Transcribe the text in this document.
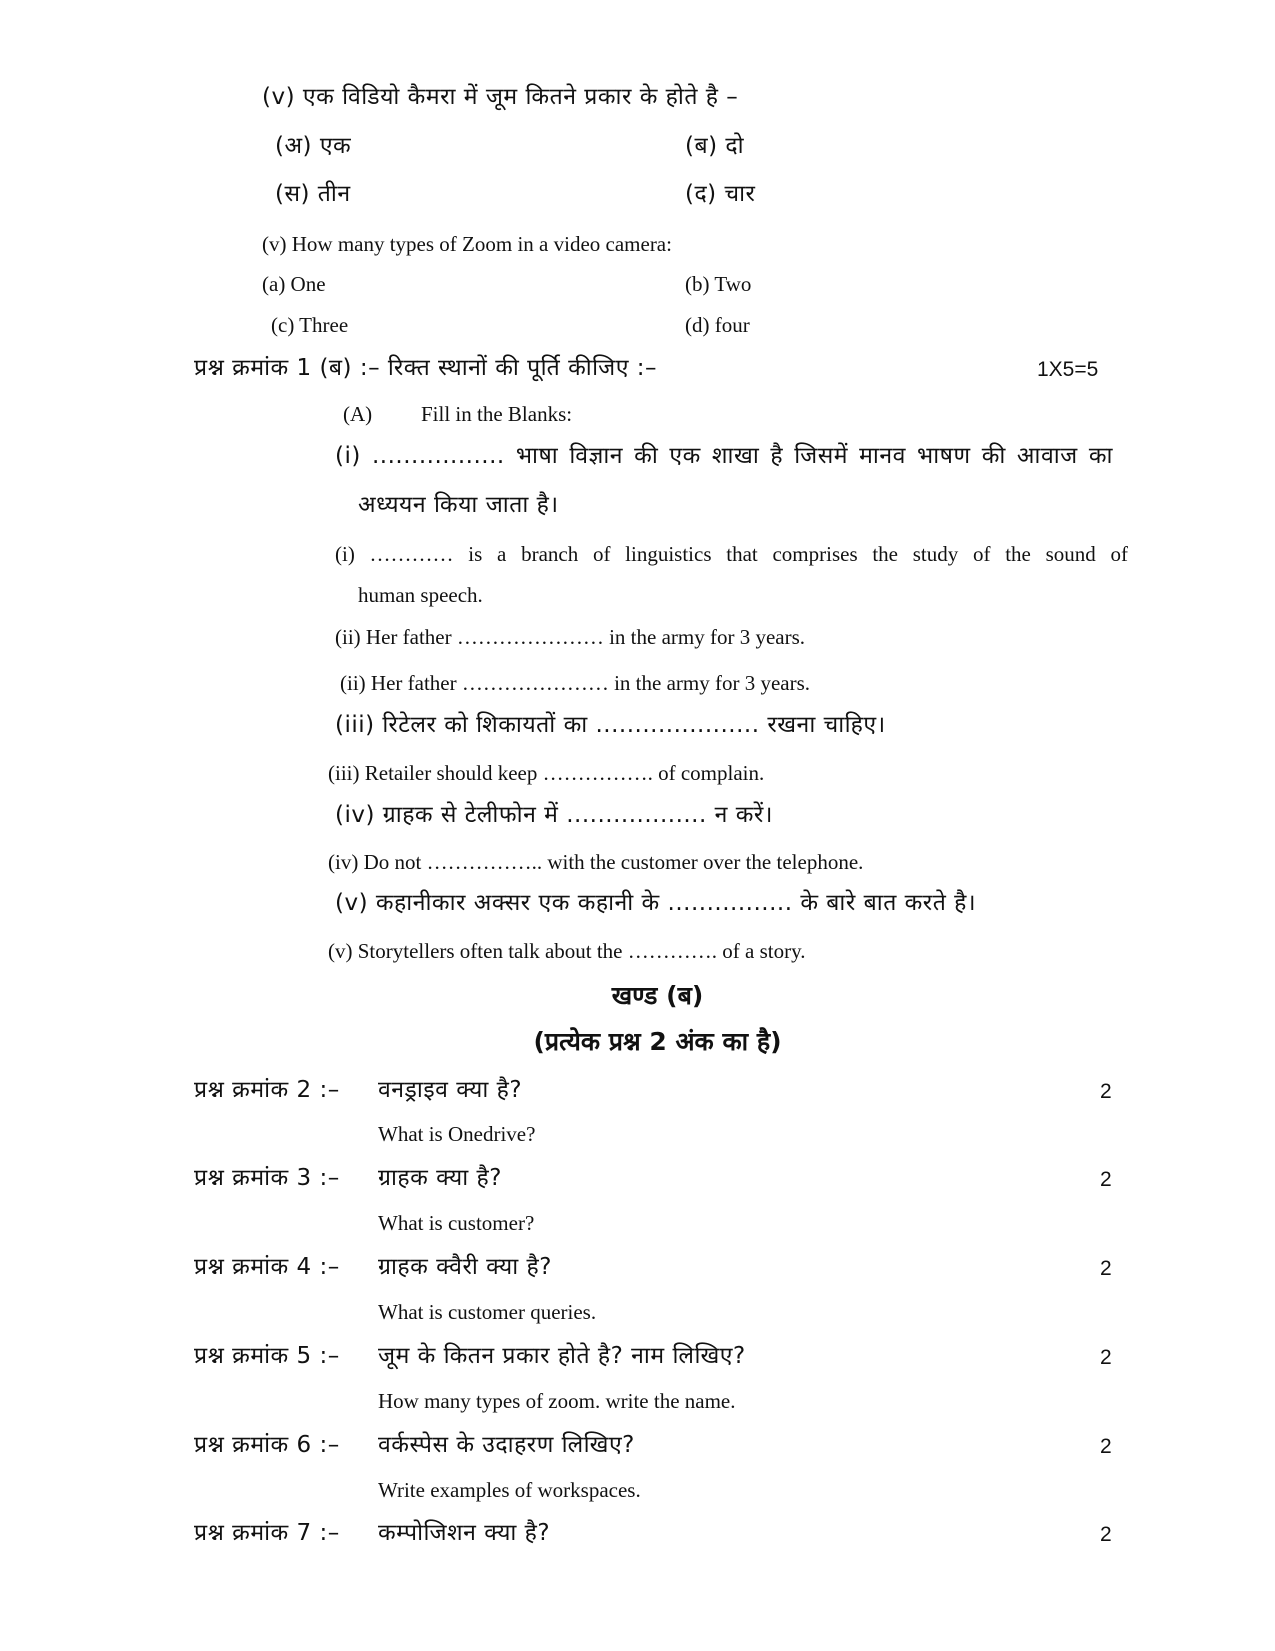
(v) एक विडियो कैमरा में जूम कितने प्रकार के होते है –
(अ) एक	(ब) दो
(स) तीन	(द) चार
(v) How many types of Zoom in a video camera:
(a) One	(b) Two
(c) Three	(d) four
प्रश्न क्रमांक 1 (ब) :– रिक्त स्थानों की पूर्ति कीजिए :–	1X5=5
(A) Fill in the Blanks:
(i) ................. भाषा विज्ञान की एक शाखा है जिसमें मानव भाषण की आवाज का
अध्ययन किया जाता है।
(i) ………… is a branch of linguistics that comprises the study of the sound of
human speech.
(ii) Her father ………………… in the army for 3 years.
(ii) Her father ………………… in the army for 3 years.
(iii) रिटेलर को शिकायतों का ..................... रखना चाहिए।
(iii) Retailer should keep ……………. of complain.
(iv) ग्राहक से टेलीफोन में .................. न करें।
(iv) Do not …………….. with the customer over the telephone.
(v) कहानीकार अक्सर एक कहानी के ................ के बारे बात करते है।
(v) Storytellers often talk about the …………. of a story.
खण्ड (ब)
(प्रत्येक प्रश्न 2 अंक का है)
प्रश्न क्रमांक 2 :– वनड्राइव क्या है?	2
What is Onedrive?
प्रश्न क्रमांक 3 :– ग्राहक क्या है?	2
What is customer?
प्रश्न क्रमांक 4 :– ग्राहक क्वैरी क्या है?	2
What is customer queries.
प्रश्न क्रमांक 5 :– जूम के कितन प्रकार होते है? नाम लिखिए?	2
How many types of zoom. write the name.
प्रश्न क्रमांक 6 :– वर्कस्पेस के उदाहरण लिखिए?	2
Write examples of workspaces.
प्रश्न क्रमांक 7 :– कम्पोजिशन क्या है?	2
